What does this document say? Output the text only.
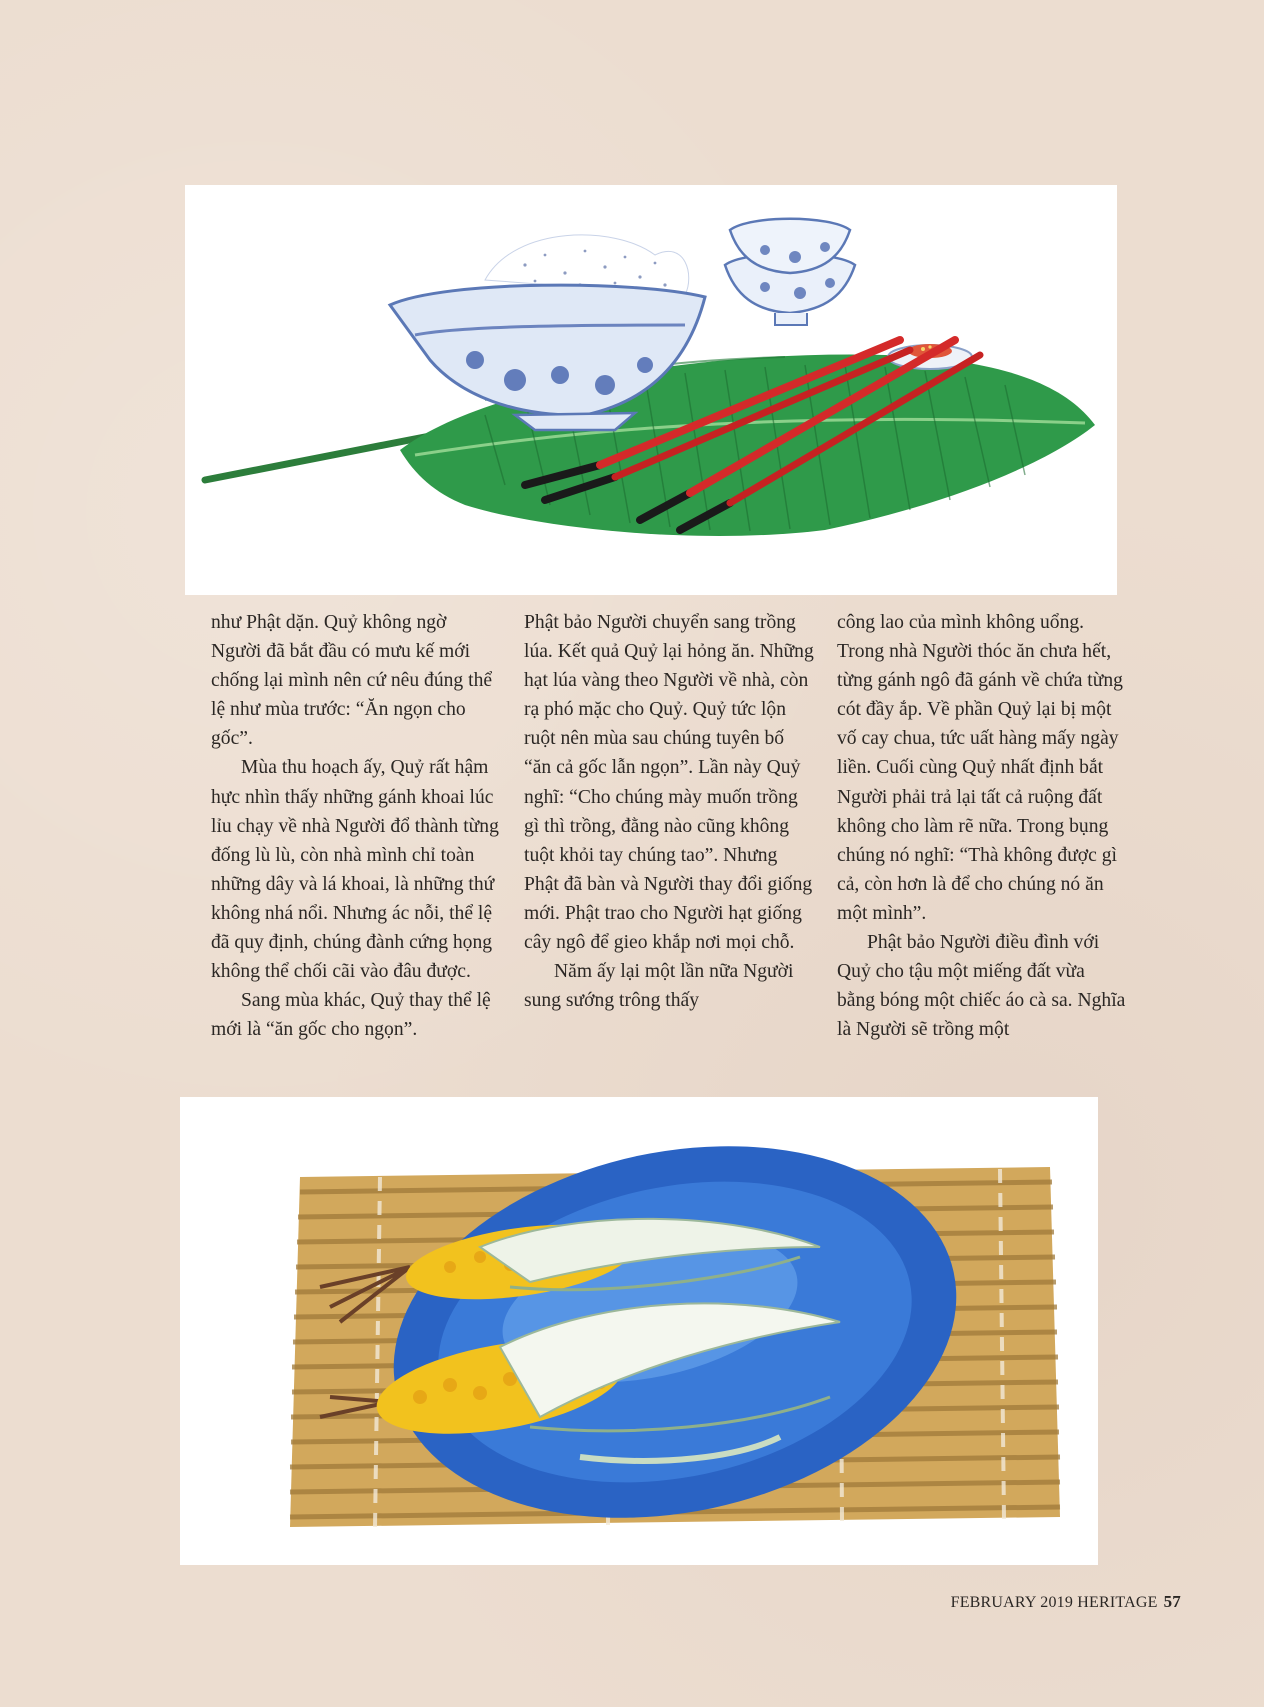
như Phật dặn. Quỷ không ngờ Người đã bắt đầu có mưu kế mới chống lại mình nên cứ nêu đúng thể lệ như mùa trước: “Ăn ngọn cho gốc”.

Mùa thu hoạch ấy, Quỷ rất hậm hực nhìn thấy những gánh khoai lúc lỉu chạy về nhà Người đổ thành từng đống lù lù, còn nhà mình chỉ toàn những dây và lá khoai, là những thứ không nhá nổi. Nhưng ác nỗi, thể lệ đã quy định, chúng đành cứng họng không thể chối cãi vào đâu được.

Sang mùa khác, Quỷ thay thể lệ mới là “ăn gốc cho ngọn”.

Phật bảo Người chuyển sang trồng lúa. Kết quả Quỷ lại hỏng ăn. Những hạt lúa vàng theo Người về nhà, còn rạ phó mặc cho Quỷ. Quỷ tức lộn ruột nên mùa sau chúng tuyên bố “ăn cả gốc lẫn ngọn”. Lần này Quỷ nghĩ: “Cho chúng mày muốn trồng gì thì trồng, đằng nào cũng không tuột khỏi tay chúng tao”. Nhưng Phật đã bàn và Người thay đổi giống mới. Phật trao cho Người hạt giống cây ngô để gieo khắp nơi mọi chỗ.

Năm ấy lại một lần nữa Người sung sướng trông thấy

công lao của mình không uổng. Trong nhà Người thóc ăn chưa hết, từng gánh ngô đã gánh về chứa từng cót đầy ắp. Về phần Quỷ lại bị một vố cay chua, tức uất hàng mấy ngày liền. Cuối cùng Quỷ nhất định bắt Người phải trả lại tất cả ruộng đất không cho làm rẽ nữa. Trong bụng chúng nó nghĩ: “Thà không được gì cả, còn hơn là để cho chúng nó ăn một mình”.

Phật bảo Người điều đình với Quỷ cho tậu một miếng đất vừa bằng bóng một chiếc áo cà sa. Nghĩa là Người sẽ trồng một

FEBRUARY 2019 HERITAGE 57
